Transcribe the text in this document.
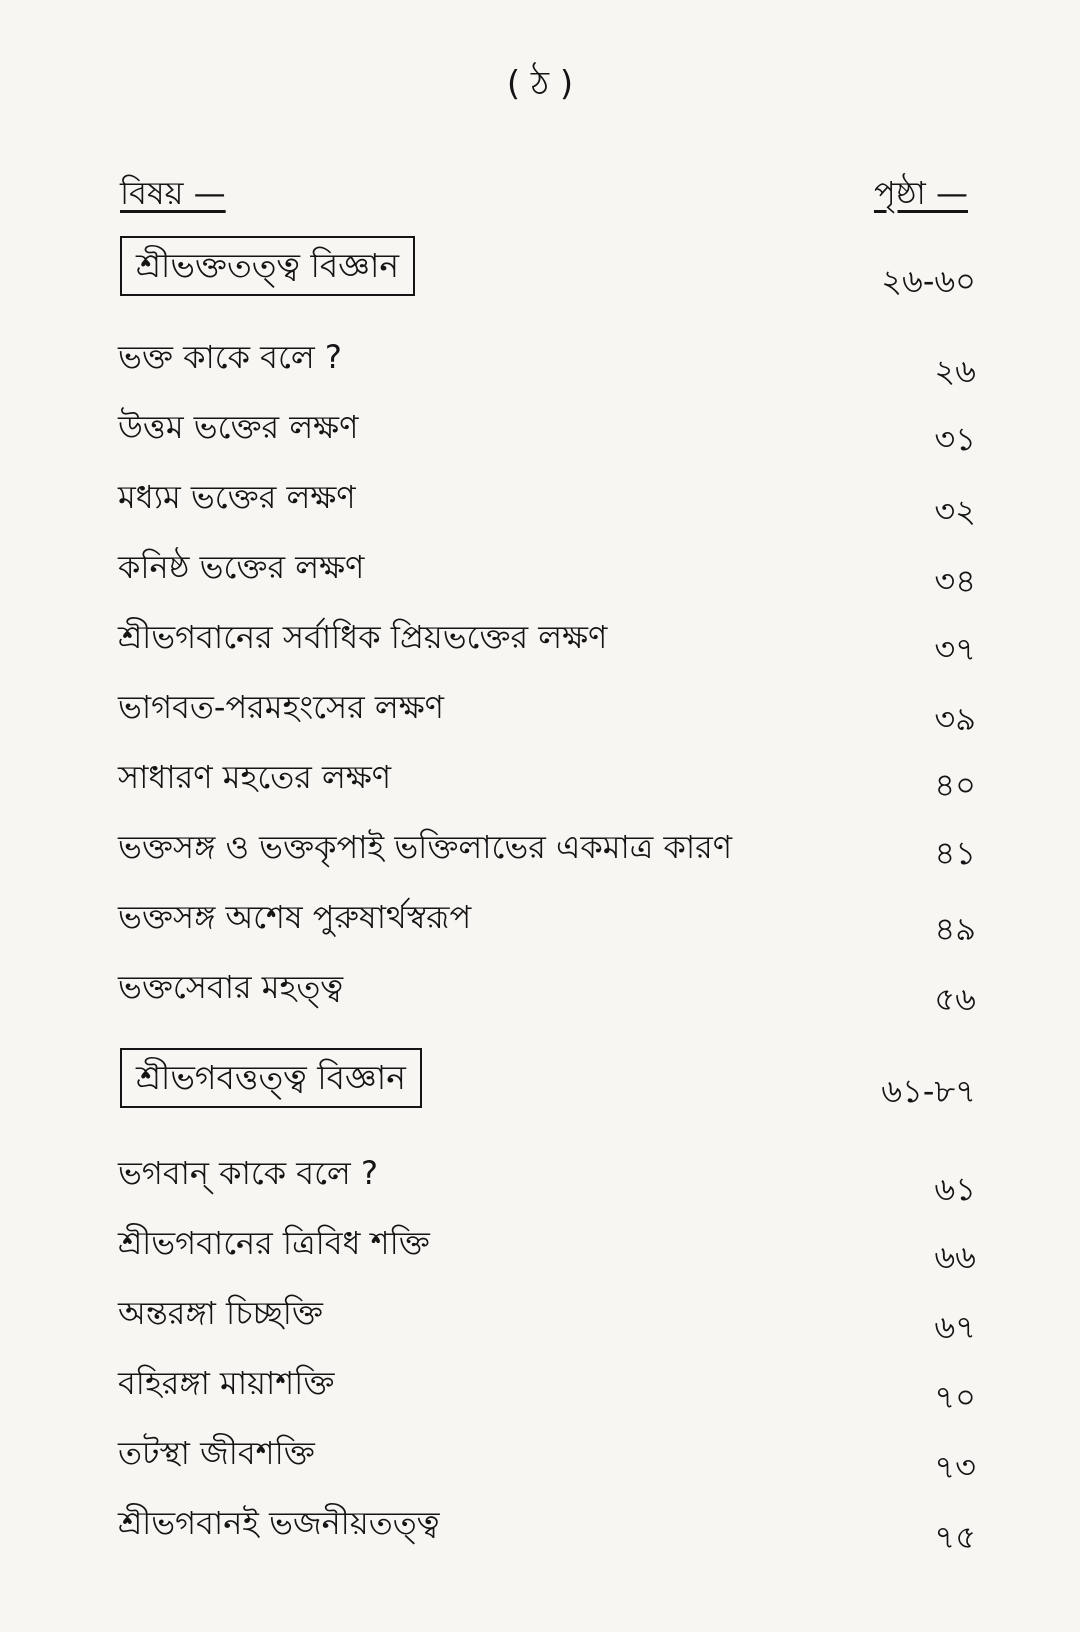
( ঠ )
বিষয় —	পৃষ্ঠা —
শ্রীভক্ততত্ত্ব বিজ্ঞান	২৬-৬০
ভক্ত কাকে বলে ?	২৬
উত্তম ভক্তের লক্ষণ	৩১
মধ্যম ভক্তের লক্ষণ	৩২
কনিষ্ঠ ভক্তের লক্ষণ	৩৪
শ্রীভগবানের সর্বাধিক প্রিয়ভক্তের লক্ষণ	৩৭
ভাগবত-পরমহংসের লক্ষণ	৩৯
সাধারণ মহতের লক্ষণ	৪০
ভক্তসঙ্গ ও ভক্তকৃপাই ভক্তিলাভের একমাত্র কারণ	৪১
ভক্তসঙ্গ অশেষ পুরুষার্থস্বরূপ	৪৯
ভক্তসেবার মহত্ত্ব	৫৬
শ্রীভগবত্তত্ত্ব বিজ্ঞান	৬১-৮৭
ভগবান্ কাকে বলে ?	৬১
শ্রীভগবানের ত্রিবিধ শক্তি	৬৬
অন্তরঙ্গা চিচ্ছক্তি	৬৭
বহিরঙ্গা মায়াশক্তি	৭০
তটস্থা জীবশক্তি	৭৩
শ্রীভগবানই ভজনীয়তত্ত্ব	৭৫
